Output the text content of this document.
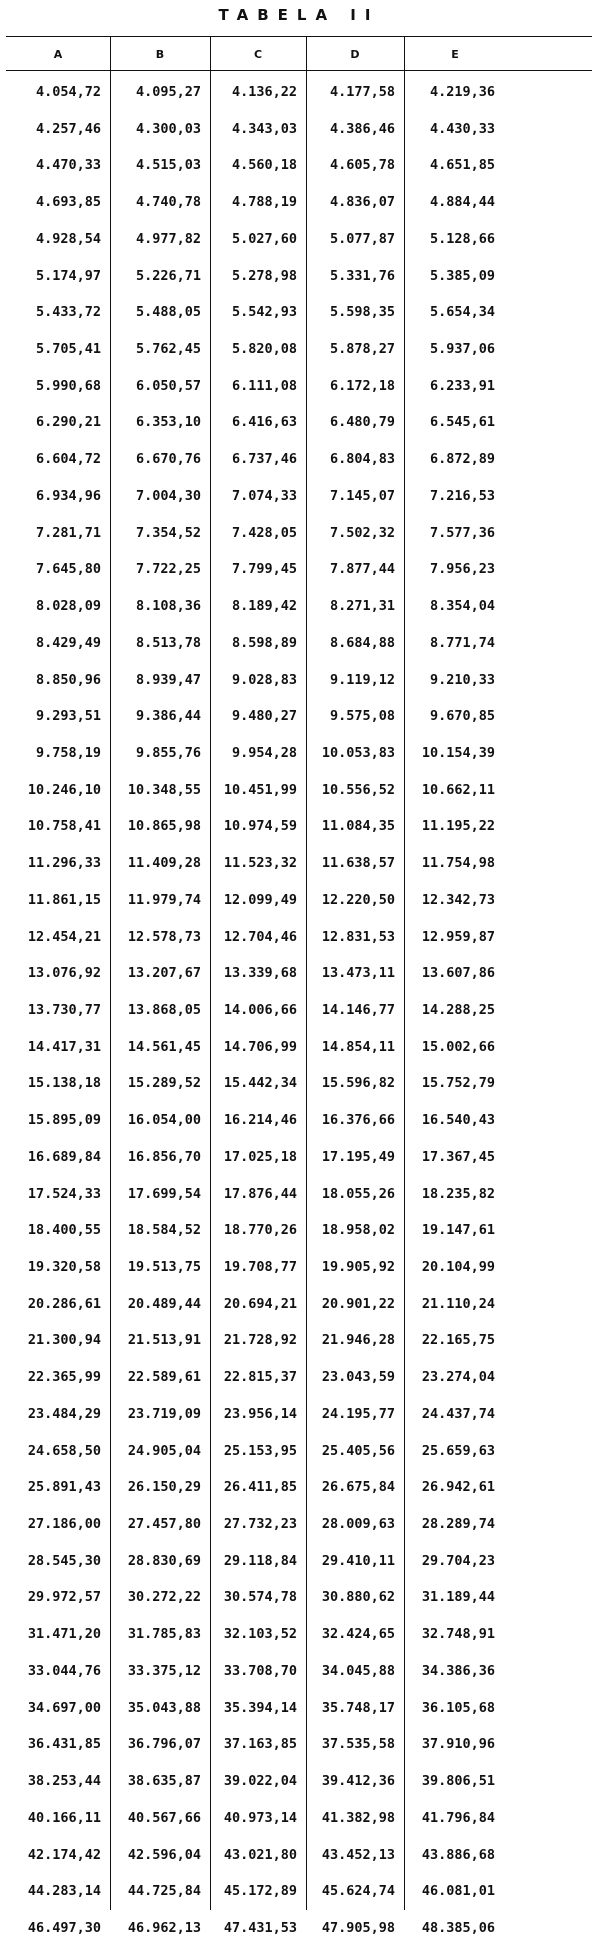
TABELA II
A	B	C	D	E
4.054,72	4.095,27	4.136,22	4.177,58	4.219,36
4.257,46	4.300,03	4.343,03	4.386,46	4.430,33
4.470,33	4.515,03	4.560,18	4.605,78	4.651,85
4.693,85	4.740,78	4.788,19	4.836,07	4.884,44
4.928,54	4.977,82	5.027,60	5.077,87	5.128,66
5.174,97	5.226,71	5.278,98	5.331,76	5.385,09
5.433,72	5.488,05	5.542,93	5.598,35	5.654,34
5.705,41	5.762,45	5.820,08	5.878,27	5.937,06
5.990,68	6.050,57	6.111,08	6.172,18	6.233,91
6.290,21	6.353,10	6.416,63	6.480,79	6.545,61
6.604,72	6.670,76	6.737,46	6.804,83	6.872,89
6.934,96	7.004,30	7.074,33	7.145,07	7.216,53
7.281,71	7.354,52	7.428,05	7.502,32	7.577,36
7.645,80	7.722,25	7.799,45	7.877,44	7.956,23
8.028,09	8.108,36	8.189,42	8.271,31	8.354,04
8.429,49	8.513,78	8.598,89	8.684,88	8.771,74
8.850,96	8.939,47	9.028,83	9.119,12	9.210,33
9.293,51	9.386,44	9.480,27	9.575,08	9.670,85
9.758,19	9.855,76	9.954,28	10.053,83	10.154,39
10.246,10	10.348,55	10.451,99	10.556,52	10.662,11
10.758,41	10.865,98	10.974,59	11.084,35	11.195,22
11.296,33	11.409,28	11.523,32	11.638,57	11.754,98
11.861,15	11.979,74	12.099,49	12.220,50	12.342,73
12.454,21	12.578,73	12.704,46	12.831,53	12.959,87
13.076,92	13.207,67	13.339,68	13.473,11	13.607,86
13.730,77	13.868,05	14.006,66	14.146,77	14.288,25
14.417,31	14.561,45	14.706,99	14.854,11	15.002,66
15.138,18	15.289,52	15.442,34	15.596,82	15.752,79
15.895,09	16.054,00	16.214,46	16.376,66	16.540,43
16.689,84	16.856,70	17.025,18	17.195,49	17.367,45
17.524,33	17.699,54	17.876,44	18.055,26	18.235,82
18.400,55	18.584,52	18.770,26	18.958,02	19.147,61
19.320,58	19.513,75	19.708,77	19.905,92	20.104,99
20.286,61	20.489,44	20.694,21	20.901,22	21.110,24
21.300,94	21.513,91	21.728,92	21.946,28	22.165,75
22.365,99	22.589,61	22.815,37	23.043,59	23.274,04
23.484,29	23.719,09	23.956,14	24.195,77	24.437,74
24.658,50	24.905,04	25.153,95	25.405,56	25.659,63
25.891,43	26.150,29	26.411,85	26.675,84	26.942,61
27.186,00	27.457,80	27.732,23	28.009,63	28.289,74
28.545,30	28.830,69	29.118,84	29.410,11	29.704,23
29.972,57	30.272,22	30.574,78	30.880,62	31.189,44
31.471,20	31.785,83	32.103,52	32.424,65	32.748,91
33.044,76	33.375,12	33.708,70	34.045,88	34.386,36
34.697,00	35.043,88	35.394,14	35.748,17	36.105,68
36.431,85	36.796,07	37.163,85	37.535,58	37.910,96
38.253,44	38.635,87	39.022,04	39.412,36	39.806,51
40.166,11	40.567,66	40.973,14	41.382,98	41.796,84
42.174,42	42.596,04	43.021,80	43.452,13	43.886,68
44.283,14	44.725,84	45.172,89	45.624,74	46.081,01
46.497,30	46.962,13	47.431,53	47.905,98	48.385,06
